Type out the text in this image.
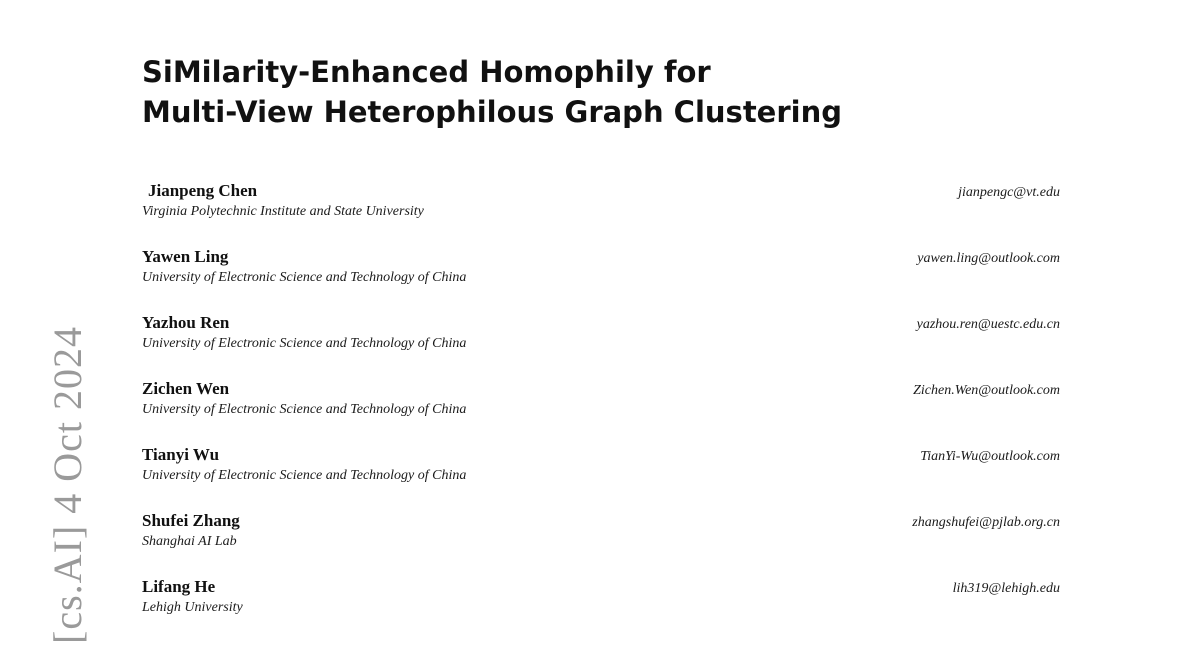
[cs.AI] 4 Oct 2024
SiMilarity-Enhanced Homophily for
Multi-View Heterophilous Graph Clustering
Jianpeng Chen
Virginia Polytechnic Institute and State University
jianpengc@vt.edu
Yawen Ling
University of Electronic Science and Technology of China
yawen.ling@outlook.com
Yazhou Ren
University of Electronic Science and Technology of China
yazhou.ren@uestc.edu.cn
Zichen Wen
University of Electronic Science and Technology of China
Zichen.Wen@outlook.com
Tianyi Wu
University of Electronic Science and Technology of China
TianYi-Wu@outlook.com
Shufei Zhang
Shanghai AI Lab
zhangshufei@pjlab.org.cn
Lifang He
Lehigh University
lih319@lehigh.edu
